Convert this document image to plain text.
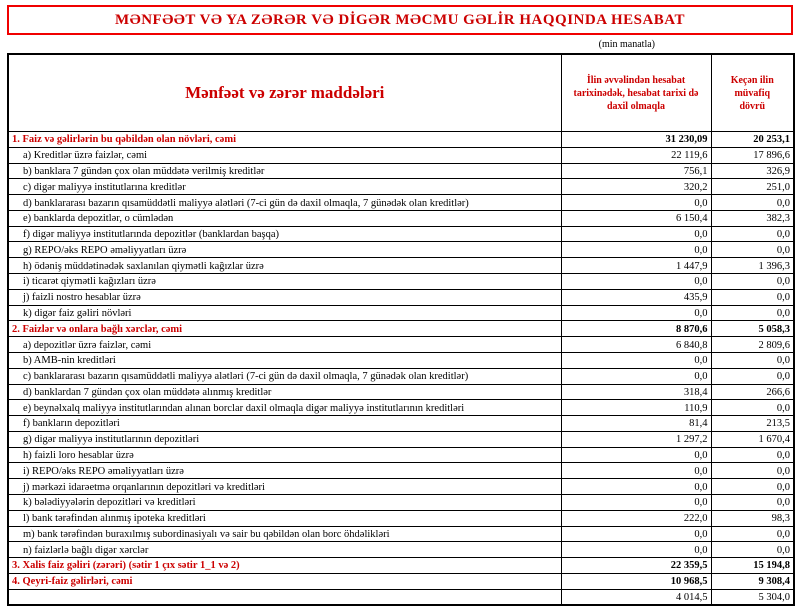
MƏNFƏƏT VƏ YA ZƏRƏR VƏ DİGƏR MƏCMU GƏLİR HAQQINDA HESABAT
(min manatla)
Mənfəət və zərər maddələri	İlin əvvəlindən hesabat tarixinədək, hesabat tarixi də daxil olmaqla	Keçən ilin müvafiq dövrü
1. Faiz və gəlirlərin bu qəbildən olan növləri, cəmi	31 230,09	20 253,1
a) Kreditlər üzrə faizlər, cəmi	22 119,6	17 896,6
b) banklara 7 gündən çox olan müddətə verilmiş kreditlər	756,1	326,9
c) digər maliyyə institutlarına kreditlər	320,2	251,0
d) banklararası bazarın qısamüddətli maliyyə alətləri (7-ci gün də daxil olmaqla, 7 günədək olan kreditlər)	0,0	0,0
e) banklarda depozitlər, o cümlədən	6 150,4	382,3
f) digər maliyyə institutlarında depozitlər (banklardan başqa)	0,0	0,0
g) REPO/əks REPO əməliyyatları üzrə	0,0	0,0
h) ödəniş müddətinədək saxlanılan qiymətli kağızlar üzrə	1 447,9	1 396,3
i) ticarət qiymətli kağızları üzrə	0,0	0,0
j) faizli nostro hesablar üzrə	435,9	0,0
k) digər faiz gəliri növləri	0,0	0,0
2. Faizlər və onlara bağlı xərclər, cəmi	8 870,6	5 058,3
a) depozitlər üzrə faizlər, cəmi	6 840,8	2 809,6
b) AMB-nin kreditləri	0,0	0,0
c) banklararası bazarın qısamüddətli maliyyə alətləri (7-ci gün də daxil olmaqla, 7 günədək olan kreditlər)	0,0	0,0
d) banklardan 7 gündən çox olan müddətə alınmış kreditlər	318,4	266,6
e) beynəlxalq maliyyə institutlarından alınan borclar daxil olmaqla digər maliyyə institutlarının kreditləri	110,9	0,0
f) bankların depozitləri	81,4	213,5
g) digər maliyyə institutlarının depozitləri	1 297,2	1 670,4
h) faizli loro hesablar üzrə	0,0	0,0
i) REPO/əks REPO əməliyyatları üzrə	0,0	0,0
j) mərkəzi idarəetmə orqanlarının depozitləri və kreditləri	0,0	0,0
k) bələdiyyələrin depozitləri və kreditləri	0,0	0,0
l) bank tərəfindən alınmış ipoteka kreditləri	222,0	98,3
m) bank tərəfindən buraxılmış subordinasiyalı və sair bu qəbildən olan borc öhdəlikləri	0,0	0,0
n) faizlərlə bağlı digər xərclər	0,0	0,0
3. Xalis faiz gəliri (zərəri) (sətir 1 çıx sətir 1_1 və 2)	22 359,5	15 194,8
4. Qeyri-faiz gəlirləri, cəmi	10 968,5	9 308,4
	4 014,5	5 304,0
